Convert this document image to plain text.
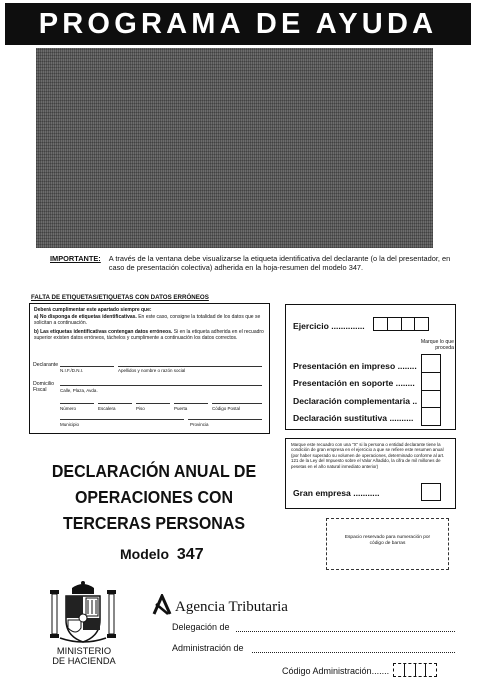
PROGRAMA DE AYUDA
IMPORTANTE: A través de la ventana debe visualizarse la etiqueta identificativa del declarante (o la del presentador, en caso de presentación colectiva) adherida en la hoja-resumen del modelo 347.
FALTA DE ETIQUETAS/ETIQUETAS CON DATOS ERRÓNEOS
Deberá cumplimentar este apartado siempre que:
a) No disponga de etiquetas identificativas. En este caso, consigne la totalidad de los datos que se solicitan a continuación.
b) Las etiquetas identificativas contengan datos erróneos. Si en la etiqueta adherida en el recuadro superior existen datos erróneos, táchelos y cumplimente a continuación los datos correctos.
Declarante
N.I.F./D.N.I.	Apellidos y nombre o razón social
Domicilio Fiscal	Calle, Plaza, Avda.
Número	Escalera	Piso	Puerta	Código Postal
Municipio	Provincia
Ejercicio ..............
Marque lo que proceda
Presentación en impreso ........
Presentación en soporte ........
Declaración complementaria ..
Declaración sustitutiva ..........
Marque este recuadro con una "X" si la persona o entidad declarante tiene la condición de gran empresa en el ejercicio a que se refiere este resumen anual (por haber superado su volumen de operaciones, determinado conforme al art. 121 de la Ley del Impuesto sobre el Valor Añadido, la cifra de mil millones de pesetas en el año natural inmediato anterior)
Gran empresa ...........
DECLARACIÓN ANUAL DE
OPERACIONES CON
TERCERAS PERSONAS
Modelo 347
Espacio reservado para numeración por código de barras
MINISTERIO
DE HACIENDA
Agencia Tributaria
Delegación de
Administración de
Código Administración.......
